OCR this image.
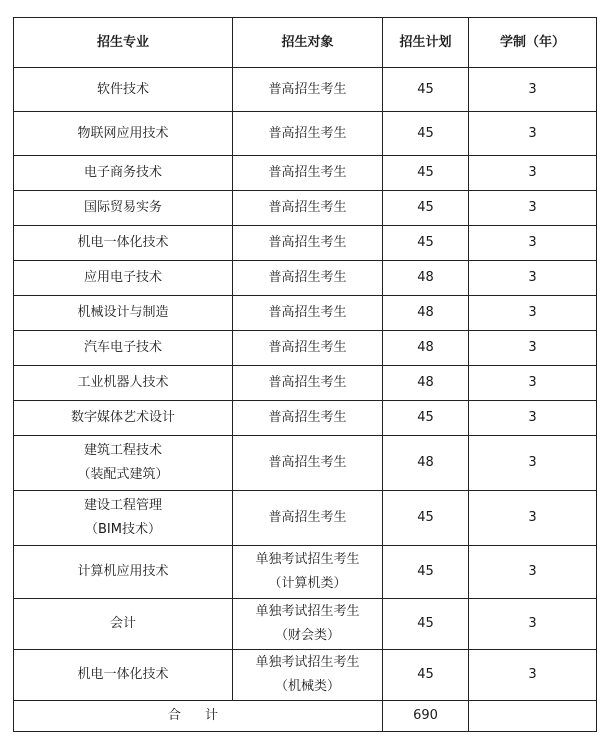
招生专业	招生对象	招生计划	学制（年）

软件技术	普高招生考生	45	3

物联网应用技术	普高招生考生	45	3

电子商务技术	普高招生考生	45	3

国际贸易实务	普高招生考生	45	3

机电一体化技术	普高招生考生	45	3

应用电子技术	普高招生考生	48	3

机械设计与制造	普高招生考生	48	3

汽车电子技术	普高招生考生	48	3

工业机器人技术	普高招生考生	48	3

数字媒体艺术设计	普高招生考生	45	3

建筑工程技术
（装配式建筑）	普高招生考生	48	3

建设工程管理
（BIM技术）	普高招生考生	45	3

计算机应用技术	单独考试招生考生
（计算机类）	45	3

会计	单独考试招生考生
（财会类）	45	3

机电一体化技术	单独考试招生考生
（机械类）	45	3
合 计		690	
